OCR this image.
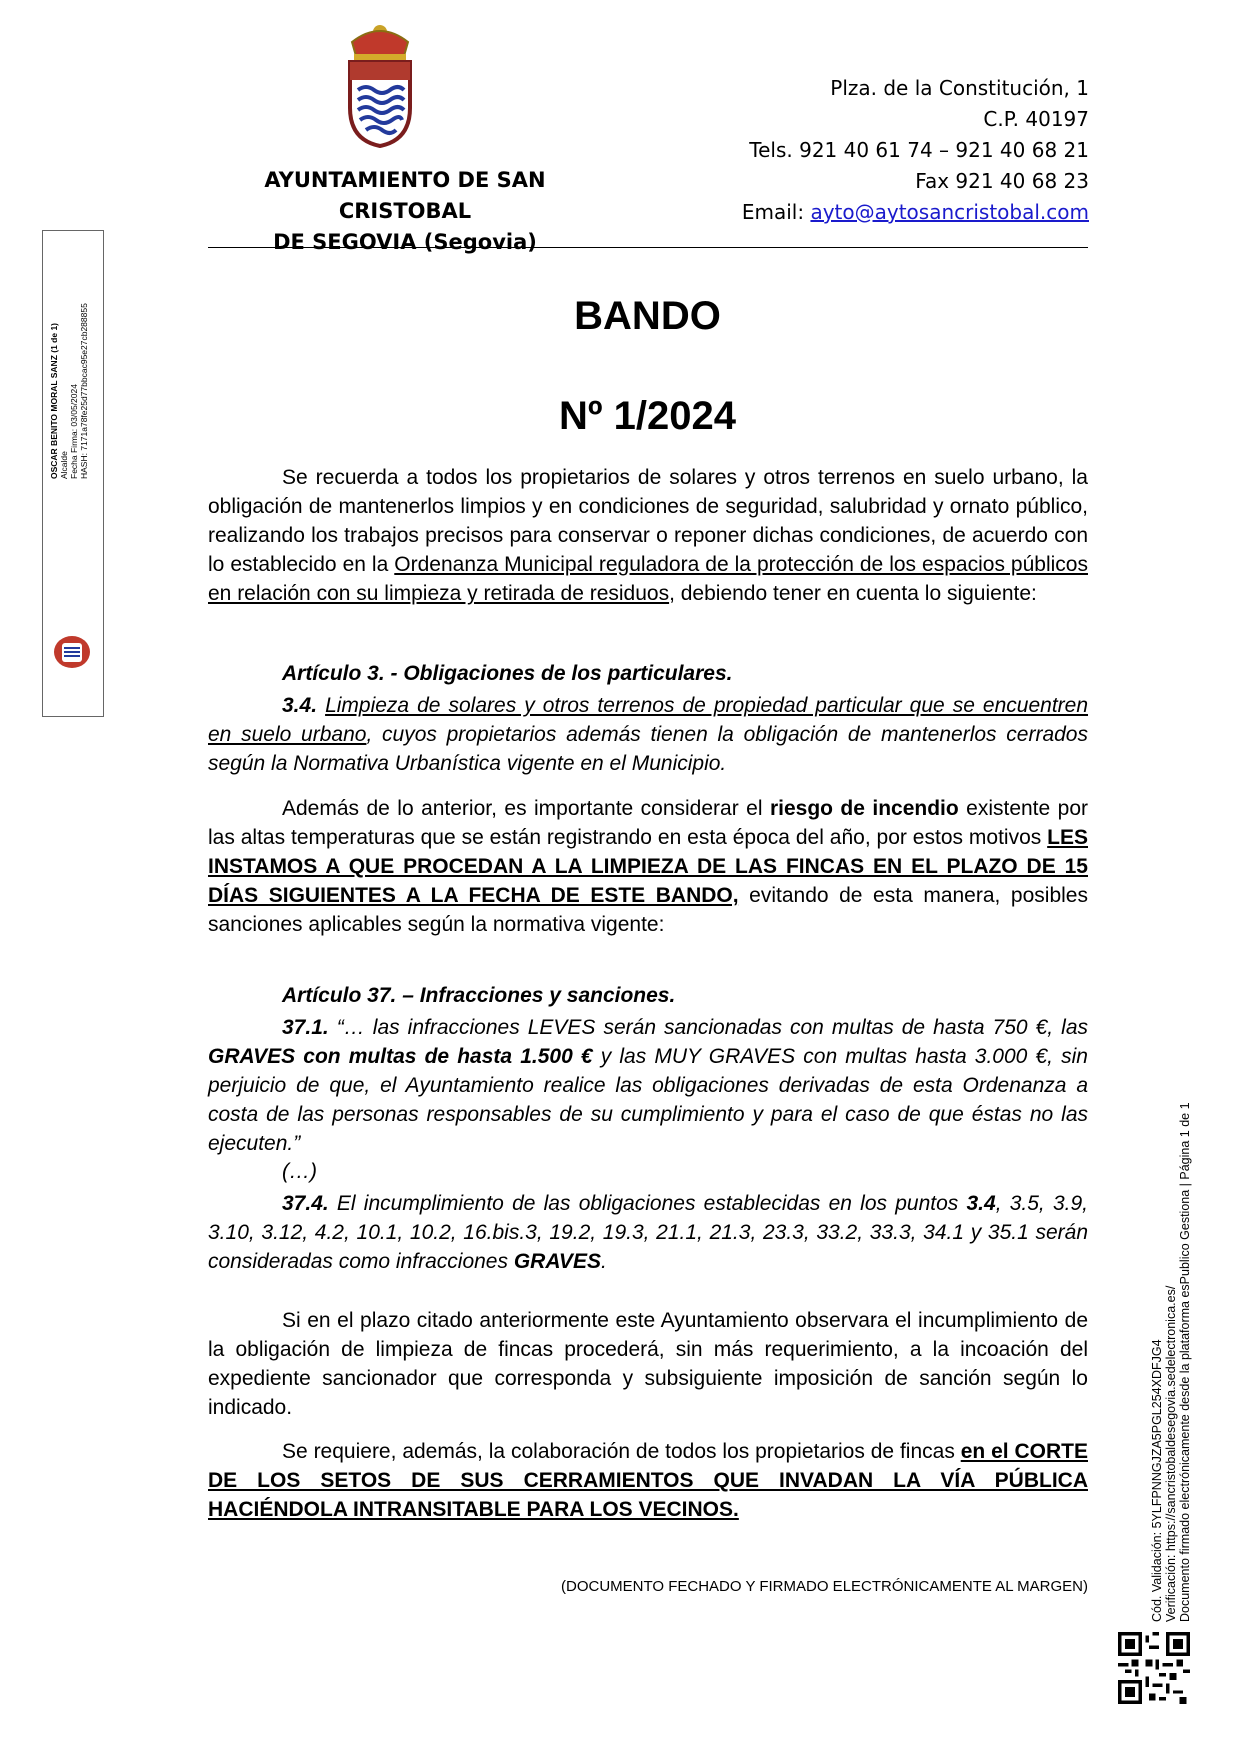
AYUNTAMIENTO DE SAN CRISTOBAL
DE SEGOVIA (Segovia)
Plza. de la Constitución, 1
C.P. 40197
Tels. 921 40 61 74 – 921 40 68 21
Fax 921 40 68 23
Email: ayto@aytosancristobal.com
BANDO
Nº 1/2024
Se recuerda a todos los propietarios de solares y otros terrenos en suelo urbano, la obligación de mantenerlos limpios y en condiciones de seguridad, salubridad y ornato público, realizando los trabajos precisos para conservar o reponer dichas condiciones, de acuerdo con lo establecido en la Ordenanza Municipal reguladora de la protección de los espacios públicos en relación con su limpieza y retirada de residuos, debiendo tener en cuenta lo siguiente:
Artículo 3. - Obligaciones de los particulares.
3.4. Limpieza de solares y otros terrenos de propiedad particular que se encuentren en suelo urbano, cuyos propietarios además tienen la obligación de mantenerlos cerrados según la Normativa Urbanística vigente en el Municipio.
Además de lo anterior, es importante considerar el riesgo de incendio existente por las altas temperaturas que se están registrando en esta época del año, por estos motivos LES INSTAMOS A QUE PROCEDAN A LA LIMPIEZA DE LAS FINCAS EN EL PLAZO DE 15 DÍAS SIGUIENTES A LA FECHA DE ESTE BANDO, evitando de esta manera, posibles sanciones aplicables según la normativa vigente:
Artículo 37. – Infracciones y sanciones.
37.1. “… las infracciones LEVES serán sancionadas con multas de hasta 750 €, las GRAVES con multas de hasta 1.500 € y las MUY GRAVES con multas hasta 3.000 €, sin perjuicio de que, el Ayuntamiento realice las obligaciones derivadas de esta Ordenanza a costa de las personas responsables de su cumplimiento y para el caso de que éstas no las ejecuten.”
(…)
37.4. El incumplimiento de las obligaciones establecidas en los puntos 3.4, 3.5, 3.9, 3.10, 3.12, 4.2, 10.1, 10.2, 16.bis.3, 19.2, 19.3, 21.1, 21.3, 23.3, 33.2, 33.3, 34.1 y 35.1 serán consideradas como infracciones GRAVES.
Si en el plazo citado anteriormente este Ayuntamiento observara el incumplimiento de la obligación de limpieza de fincas procederá, sin más requerimiento, a la incoación del expediente sancionador que corresponda y subsiguiente imposición de sanción según lo indicado.
Se requiere, además, la colaboración de todos los propietarios de fincas en el CORTE DE LOS SETOS DE SUS CERRAMIENTOS QUE INVADAN LA VÍA PÚBLICA HACIÉNDOLA INTRANSITABLE PARA LOS VECINOS.
(DOCUMENTO FECHADO Y FIRMADO ELECTRÓNICAMENTE AL MARGEN)
OSCAR BENITO MORAL SANZ (1 de 1) Alcalde Fecha Firma: 03/05/2024 HASH: 7171a78fe25d77bbcac95e27cb288855
Cód. Validación: 5YLFPNNGJZA5PGL254XDFJG4 Verificación: https://sancristobaldesegovia.sedelectronica.es/ Documento firmado electrónicamente desde la plataforma esPublico Gestiona | Página 1 de 1
